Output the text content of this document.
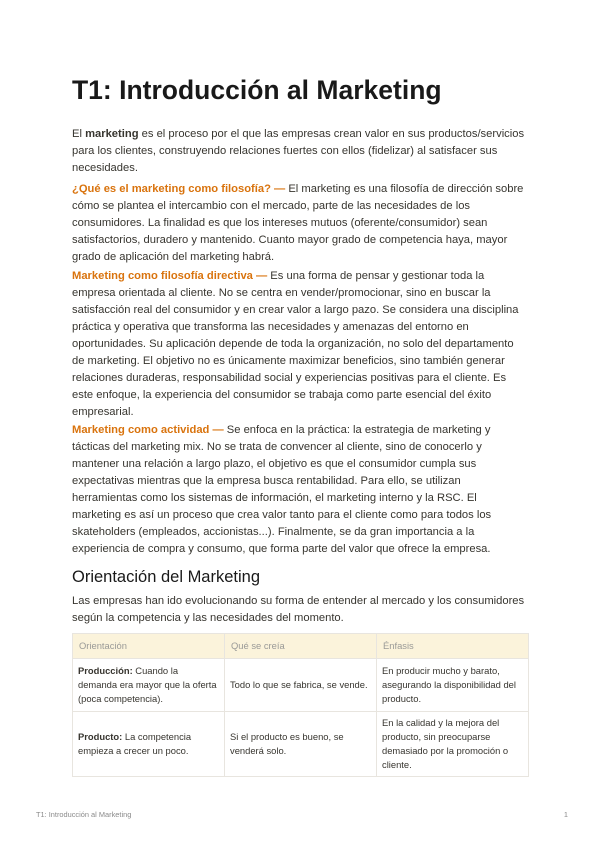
T1: Introducción al Marketing

El marketing es el proceso por el que las empresas crean valor en sus productos/servicios para los clientes, construyendo relaciones fuertes con ellos (fidelizar) al satisfacer sus necesidades.

¿Qué es el marketing como filosofía? — El marketing es una filosofía de dirección sobre cómo se plantea el intercambio con el mercado, parte de las necesidades de los consumidores. La finalidad es que los intereses mutuos (oferente/consumidor) sean satisfactorios, duradero y mantenido. Cuanto mayor grado de competencia haya, mayor grado de aplicación del marketing habrá.

Marketing como filosofía directiva — Es una forma de pensar y gestionar toda la empresa orientada al cliente. No se centra en vender/promocionar, sino en buscar la satisfacción real del consumidor y en crear valor a largo pazo. Se considera una disciplina práctica y operativa que transforma las necesidades y amenazas del entorno en oportunidades. Su aplicación depende de toda la organización, no solo del departamento de marketing. El objetivo no es únicamente maximizar beneficios, sino también generar relaciones duraderas, responsabilidad social y experiencias positivas para el cliente. Es este enfoque, la experiencia del consumidor se trabaja como parte esencial del éxito empresarial.

Marketing como actividad — Se enfoca en la práctica: la estrategia de marketing y tácticas del marketing mix. No se trata de convencer al cliente, sino de conocerlo y mantener una relación a largo plazo, el objetivo es que el consumidor cumpla sus expectativas mientras que la empresa busca rentabilidad. Para ello, se utilizan herramientas como los sistemas de información, el marketing interno y la RSC. El marketing es así un proceso que crea valor tanto para el cliente como para todos los skateholders (empleados, accionistas...). Finalmente, se da gran importancia a la experiencia de compra y consumo, que forma parte del valor que ofrece la empresa.

Orientación del Marketing

Las empresas han ido evolucionando su forma de entender al mercado y los consumidores según la competencia y las necesidades del momento.

Orientación	Qué se creía	Énfasis
Producción: Cuando la demanda era mayor que la oferta (poca competencia).	Todo lo que se fabrica, se vende.	En producir mucho y barato, asegurando la disponibilidad del producto.
Producto: La competencia empieza a crecer un poco.	Si el producto es bueno, se venderá solo.	En la calidad y la mejora del producto, sin preocuparse demasiado por la promoción o cliente.
T1: Introducción al Marketing	1
